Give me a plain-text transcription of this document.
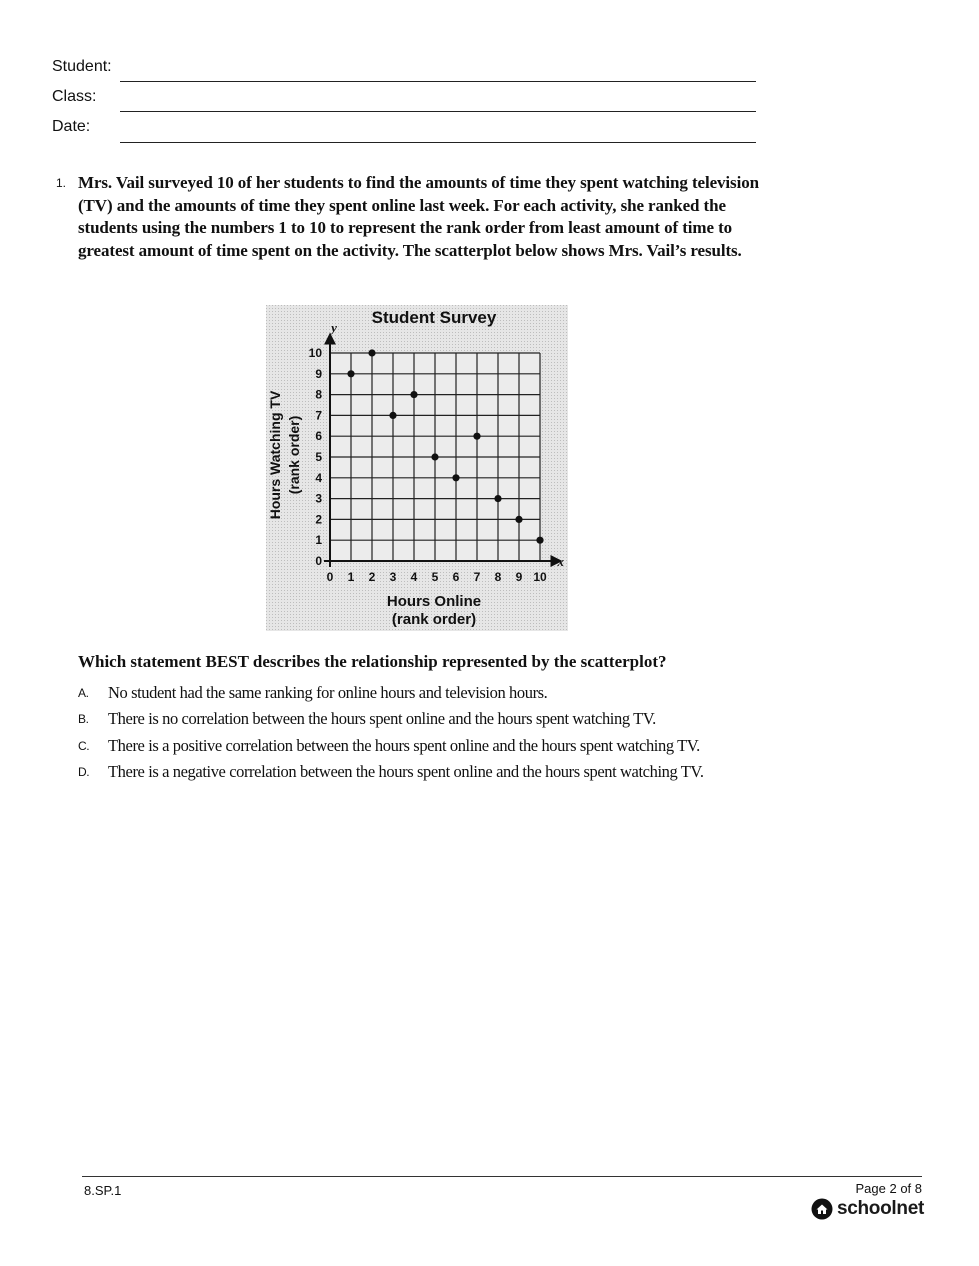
Student:
Class:
Date:
1. Mrs. Vail surveyed 10 of her students to find the amounts of time they spent watching television (TV) and the amounts of time they spent online last week. For each activity, she ranked the students using the numbers 1 to 10 to represent the rank order from least amount of time to greatest amount of time spent on the activity. The scatterplot below shows Mrs. Vail’s results.
0 1 2 3 4 5 6 7 8 9 10
0
1
2
3
4
5
6
7
8
9
10
Student Survey
Hours Online
(rank order)
Hours Watching TV (rank order)
y
x
Which statement BEST describes the relationship represented by the scatterplot?
A. No student had the same ranking for online hours and television hours.
B. There is no correlation between the hours spent online and the hours spent watching TV.
C. There is a positive correlation between the hours spent online and the hours spent watching TV.
D. There is a negative correlation between the hours spent online and the hours spent watching TV.
8.SP.1	Page 2 of 8
schoolnet
